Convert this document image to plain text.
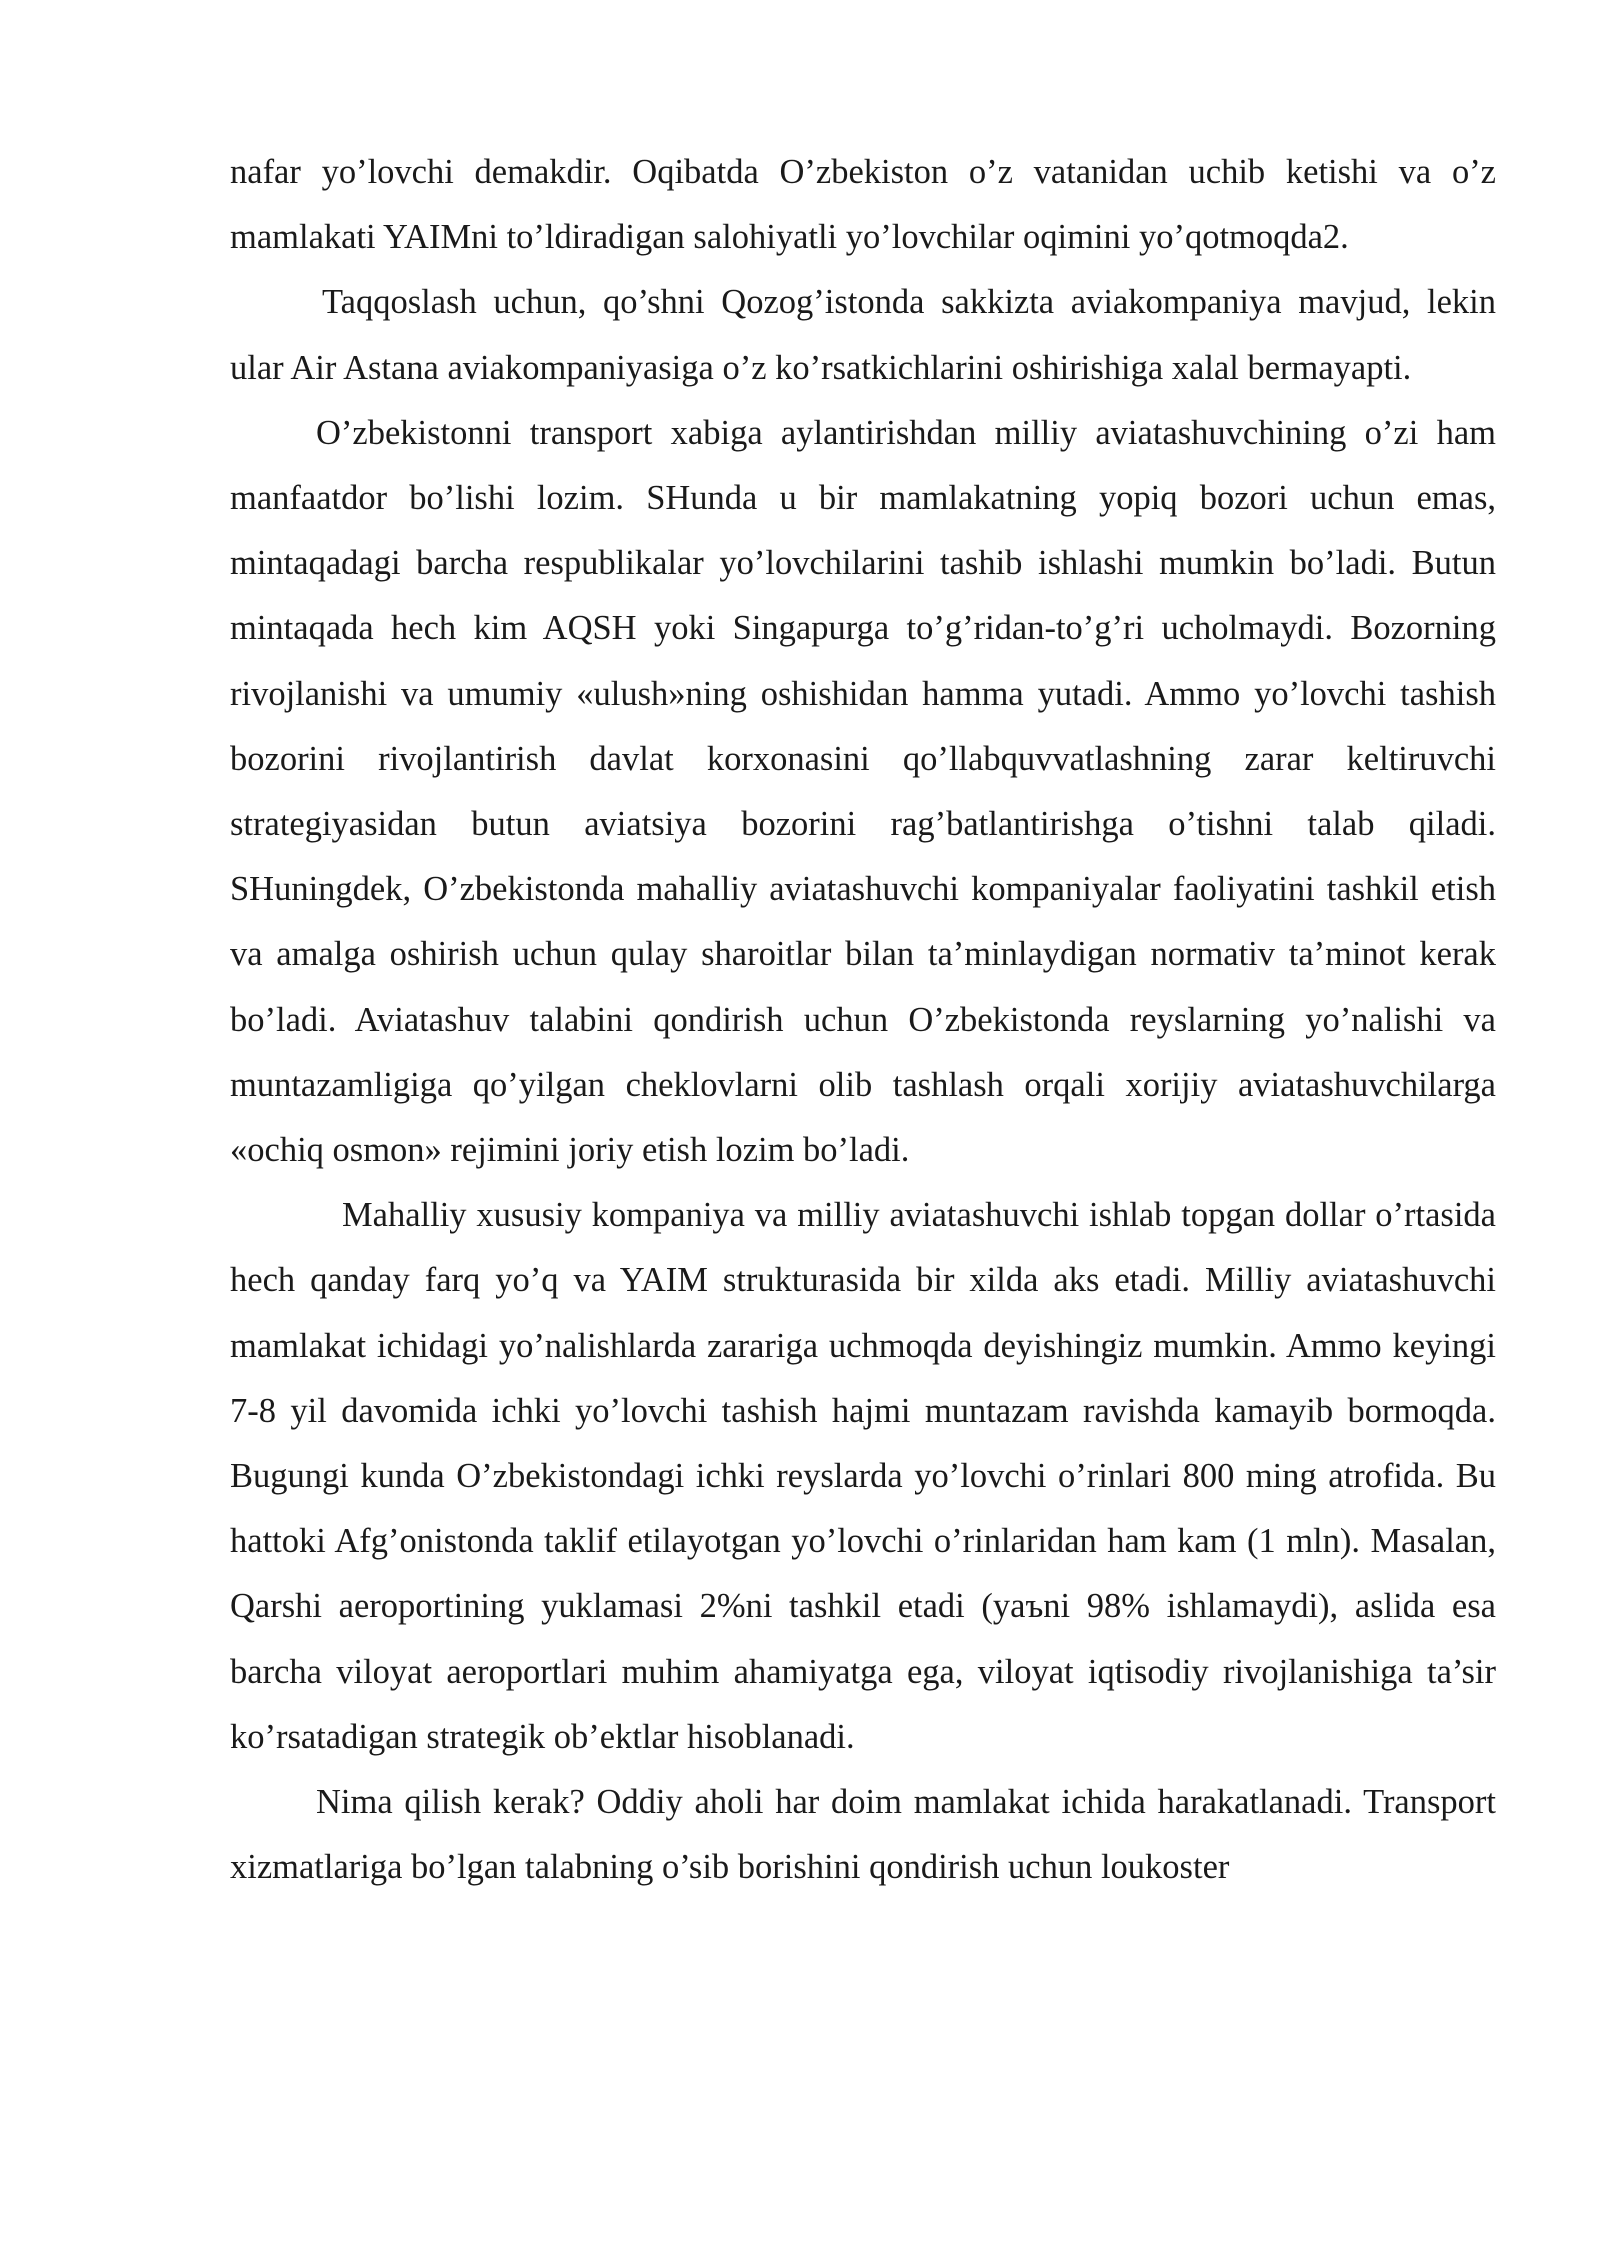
nafar yo’lovchi demakdir. Oqibatda O’zbekiston o’z vatanidan uchib ketishi va o’z mamlakati YAIMni to’ldiradigan salohiyatli yo’lovchilar oqimini yo’qotmoqda2.

Taqqoslash uchun, qo’shni Qozog’istonda sakkizta aviakompaniya mavjud, lekin ular Air Astana aviakompaniyasiga o’z ko’rsatkichlarini oshirishiga xalal bermayapti.

O’zbekistonni transport xabiga aylantirishdan milliy aviatashuvchining o’zi ham manfaatdor bo’lishi lozim. SHunda u bir mamlakatning yopiq bozori uchun emas, mintaqadagi barcha respublikalar yo’lovchilarini tashib ishlashi mumkin bo’ladi. Butun mintaqada hech kim AQSH yoki Singapurga to’g’ridan-to’g’ri ucholmaydi. Bozorning rivojlanishi va umumiy «ulush»ning oshishidan hamma yutadi. Ammo yo’lovchi tashish bozorini rivojlantirish davlat korxonasini qo’llabquvvatlashning zarar keltiruvchi strategiyasidan butun aviatsiya bozorini rag’batlantirishga o’tishni talab qiladi. SHuningdek, O’zbekistonda mahalliy aviatashuvchi kompaniyalar faoliyatini tashkil etish va amalga oshirish uchun qulay sharoitlar bilan ta’minlaydigan normativ ta’minot kerak bo’ladi. Aviatashuv talabini qondirish uchun O’zbekistonda reyslarning yo’nalishi va muntazamligiga qo’yilgan cheklovlarni olib tashlash orqali xorijiy aviatashuvchilarga «ochiq osmon» rejimini joriy etish lozim bo’ladi.

Mahalliy xususiy kompaniya va milliy aviatashuvchi ishlab topgan dollar o’rtasida hech qanday farq yo’q va YAIM strukturasida bir xilda aks etadi. Milliy aviatashuvchi mamlakat ichidagi yo’nalishlarda zarariga uchmoqda deyishingiz mumkin. Ammo keyingi 7-8 yil davomida ichki yo’lovchi tashish hajmi muntazam ravishda kamayib bormoqda. Bugungi kunda O’zbekistondagi ichki reyslarda yo’lovchi o’rinlari 800 ming atrofida. Bu hattoki Afg’onistonda taklif etilayotgan yo’lovchi o’rinlaridan ham kam (1 mln). Masalan, Qarshi aeroportining yuklamasi 2%ni tashkil etadi (yaъni 98% ishlamaydi), aslida esa barcha viloyat aeroportlari muhim ahamiyatga ega, viloyat iqtisodiy rivojlanishiga ta’sir ko’rsatadigan strategik ob’ektlar hisoblanadi.

Nima qilish kerak? Oddiy aholi har doim mamlakat ichida harakatlanadi. Transport xizmatlariga bo’lgan talabning o’sib borishini qondirish uchun loukoster
